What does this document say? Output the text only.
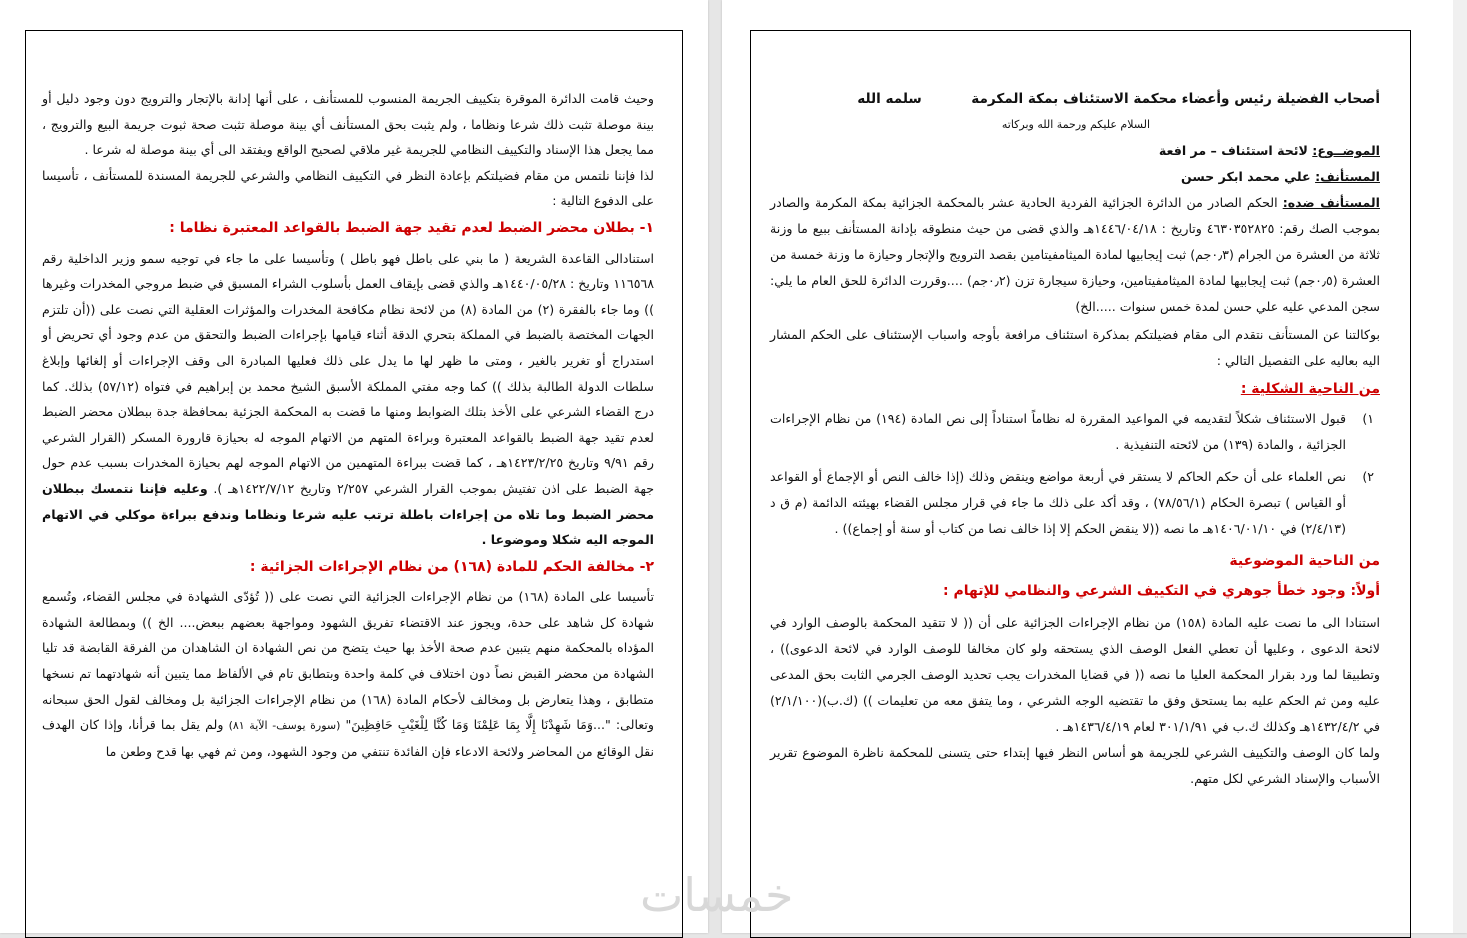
وحيث قامت الدائرة الموقرة بتكييف الجريمة المنسوب للمستأنف ، على أنها إدانة بالإتجار والترويج دون وجود دليل أو بينة موصلة تثبت ذلك شرعا ونظاما ، ولم يثبت بحق المستأنف أي بينة موصلة تثبت صحة ثبوت جريمة البيع والترويج ، مما يجعل هذا الإسناد والتكييف النظامي للجريمة غير ملاقي لصحيح الواقع ويفتقد الى أي بينة موصلة له شرعا .

لذا فإننا نلتمس من مقام فضيلتكم بإعادة النظر في التكييف النظامي والشرعي للجريمة المسندة للمستأنف ، تأسيسا على الدفوع التالية :

١- بطلان محضر الضبط لعدم تقيد جهة الضبط بالقواعد المعتبرة نظاما :

استنادالى القاعدة الشريعة ( ما بني على باطل فهو باطل ) وتأسيسا على ما جاء في توجيه سمو وزير الداخلية رقم ١١٦٥٦٨ وتاريخ : ١٤٤٠/٠٥/٢٨هـ والذي قضى بإيقاف العمل بأسلوب الشراء المسبق في ضبط مروجي المخدرات وغيرها )) وما جاء بالفقرة (٢) من المادة (٨) من لائحة نظام مكافحة المخدرات والمؤثرات العقلية التي نصت على ((أن تلتزم الجهات المختصة بالضبط في المملكة بتحري الدقة أثناء قيامها بإجراءات الضبط والتحقق من عدم وجود أي تحريض أو استدراج أو تغرير بالغير ، ومتى ما ظهر لها ما يدل على ذلك فعليها المبادرة الى وقف الإجراءات أو إلغائها وإبلاغ سلطات الدولة الطالبة بذلك )) كما وجه مفتي المملكة الأسبق الشيخ محمد بن إبراهيم في فتواه (٥٧/١٢) بذلك. كما درج القضاء الشرعي على الأخذ بتلك الضوابط ومنها ما قضت به المحكمة الجزئية بمحافظة جدة ببطلان محضر الضبط لعدم تقيد جهة الضبط بالقواعد المعتبرة وبراءة المتهم من الاتهام الموجه له بحيازة قارورة المسكر (القرار الشرعي رقم ٩/٩١ وتاريخ ١٤٢٣/٢/٢٥هـ ، كما قضت ببراءة المتهمين من الاتهام الموجه لهم بحيازة المخدرات بسبب عدم حول جهة الضبط على اذن تفتيش بموجب القرار الشرعي ٢/٢٥٧ وتاريخ ١٤٢٢/٧/١٢هـ ). وعليه فإننا نتمسك ببطلان محضر الضبط وما تلاه من إجراءات باطلة ترتب عليه شرعا ونظاما وندفع ببراءة موكلي في الاتهام الموجه اليه شكلا وموضوعا .

٢- مخالفة الحكم للمادة (١٦٨) من نظام الإجراءات الجزائية :

تأسيسا على المادة (١٦٨) من نظام الإجراءات الجزائية التي نصت على (( تُؤدّى الشهادة في مجلس القضاء، وتُسمع شهادة كل شاهد على حدة، ويجوز عند الاقتضاء تفريق الشهود ومواجهة بعضهم ببعض.... الخ )) وبمطالعة الشهادة المؤداه بالمحكمة منهم يتبين عدم صحة الأخذ بها حيث يتضح من نص الشهادة ان الشاهدان من الفرقة القابضة قد تليا الشهادة من محضر القبض نصاً دون اختلاف في كلمة واحدة وبتطابق تام في الألفاظ مما يتبين أنه شهادتهما تم نسخها متطابق ، وهذا يتعارض بل ومخالف لأحكام المادة (١٦٨) من نظام الإجراءات الجزائية بل ومخالف لقول الحق سبحانه وتعالى: "...وَمَا شَهِدْنَا إِلَّا بِمَا عَلِمْنَا وَمَا كُنَّا لِلْغَيْبِ حَافِظِينَ" (سورة يوسف- الآية ٨١) ولم يقل بما قرأنا، وإذا كان الهدف نقل الوقائع من المحاضر ولائحة الادعاء فإن الفائدة تنتفي من وجود الشهود، ومن ثم فهي بها قدح وطعن ما

أصحاب الفضيلة رئيس وأعضاء محكمة الاستئناف بمكة المكرمة  سلمه الله

السلام عليكم ورحمة الله وبركاته

الموضــوع: لائحة استئناف – مر افعة

المستأنف: علي محمد ابكر حسن

المستأنف ضده: الحكم الصادر من الدائرة الجزائية الفردية الحادية عشر بالمحكمة الجزائية بمكة المكرمة والصادر بموجب الصك رقم: ٤٦٣٠٣٥٢٨٢٥ وتاريخ : ١٤٤٦/٠٤/١٨هـ والذي قضى من حيث منطوقه بإدانة المستأنف ببيع ما وزنة ثلاثة من العشرة من الجرام (٠٫٣جم) ثبت إيجابيها لمادة الميثامفيتامين بقصد الترويج والإتجار وحيازة ما وزنة خمسة من العشرة (٠٫٥جم) ثبت إيجابيها لمادة الميثامفيتامين، وحيازة سيجارة تزن (٠٫٢جم) ....وقررت الدائرة للحق العام ما يلي: سجن المدعي عليه علي حسن لمدة خمس سنوات .....الخ)

بوكالتنا عن المستأنف نتقدم الى مقام فضيلتكم بمذكرة استئناف مرافعة بأوجه واسباب الإستئناف على الحكم المشار اليه بعاليه على التفصيل التالي :

من الناحية الشكلية :

١)
قبول الاستئناف شكلاً لتقديمه في المواعيد المقررة له نظاماً استناداً إلى نص المادة (١٩٤) من نظام الإجراءات الجزائية ، والمادة (١٣٩) من لائحته التنفيذية .
٢)
نص العلماء على أن حكم الحاكم لا يستقر في أربعة مواضع وينقض وذلك (إذا خالف النص أو الإجماع أو القواعد أو القياس ) تبصرة الحكام (٧٨/٥٦/١) ، وقد أكد على ذلك ما جاء في قرار مجلس القضاء بهيئته الدائمة (م ق د (٢/٤/١٣) في ١٤٠٦/٠١/١٠هـ ما نصه ((لا ينقض الحكم إلا إذا خالف نصا من كتاب أو سنة أو إجماع)) .

من الناحية الموضوعية

أولاً: وجود خطأ جوهري في التكييف الشرعي والنظامي للإتهام :

استنادا الى ما نصت عليه المادة (١٥٨) من نظام الإجراءات الجزائية على أن (( لا تتقيد المحكمة بالوصف الوارد في لائحة الدعوى ، وعليها أن تعطي الفعل الوصف الذي يستحقه ولو كان مخالفا للوصف الوارد في لائحة الدعوى)) ، وتطبيقا لما ورد بقرار المحكمة العليا ما نصه (( في قضايا المخدرات يجب تحديد الوصف الجرمي الثابت بحق المدعى عليه ومن ثم الحكم عليه بما يستحق وفق ما تقتضيه الوجه الشرعي ، وما يتفق معه من تعليمات )) (ك.ب)(٢/١/١٠٠) في ١٤٣٢/٤/٢هـ وكذلك ك.ب في ٣٠١/١/٩١ لعام ١٤٣٦/٤/١٩هـ .

ولما كان الوصف والتكييف الشرعي للجريمة هو أساس النظر فيها إبتداء حتى يتسنى للمحكمة ناظرة الموضوع تقرير الأسباب والإسناد الشرعي لكل متهم.

خمسات
